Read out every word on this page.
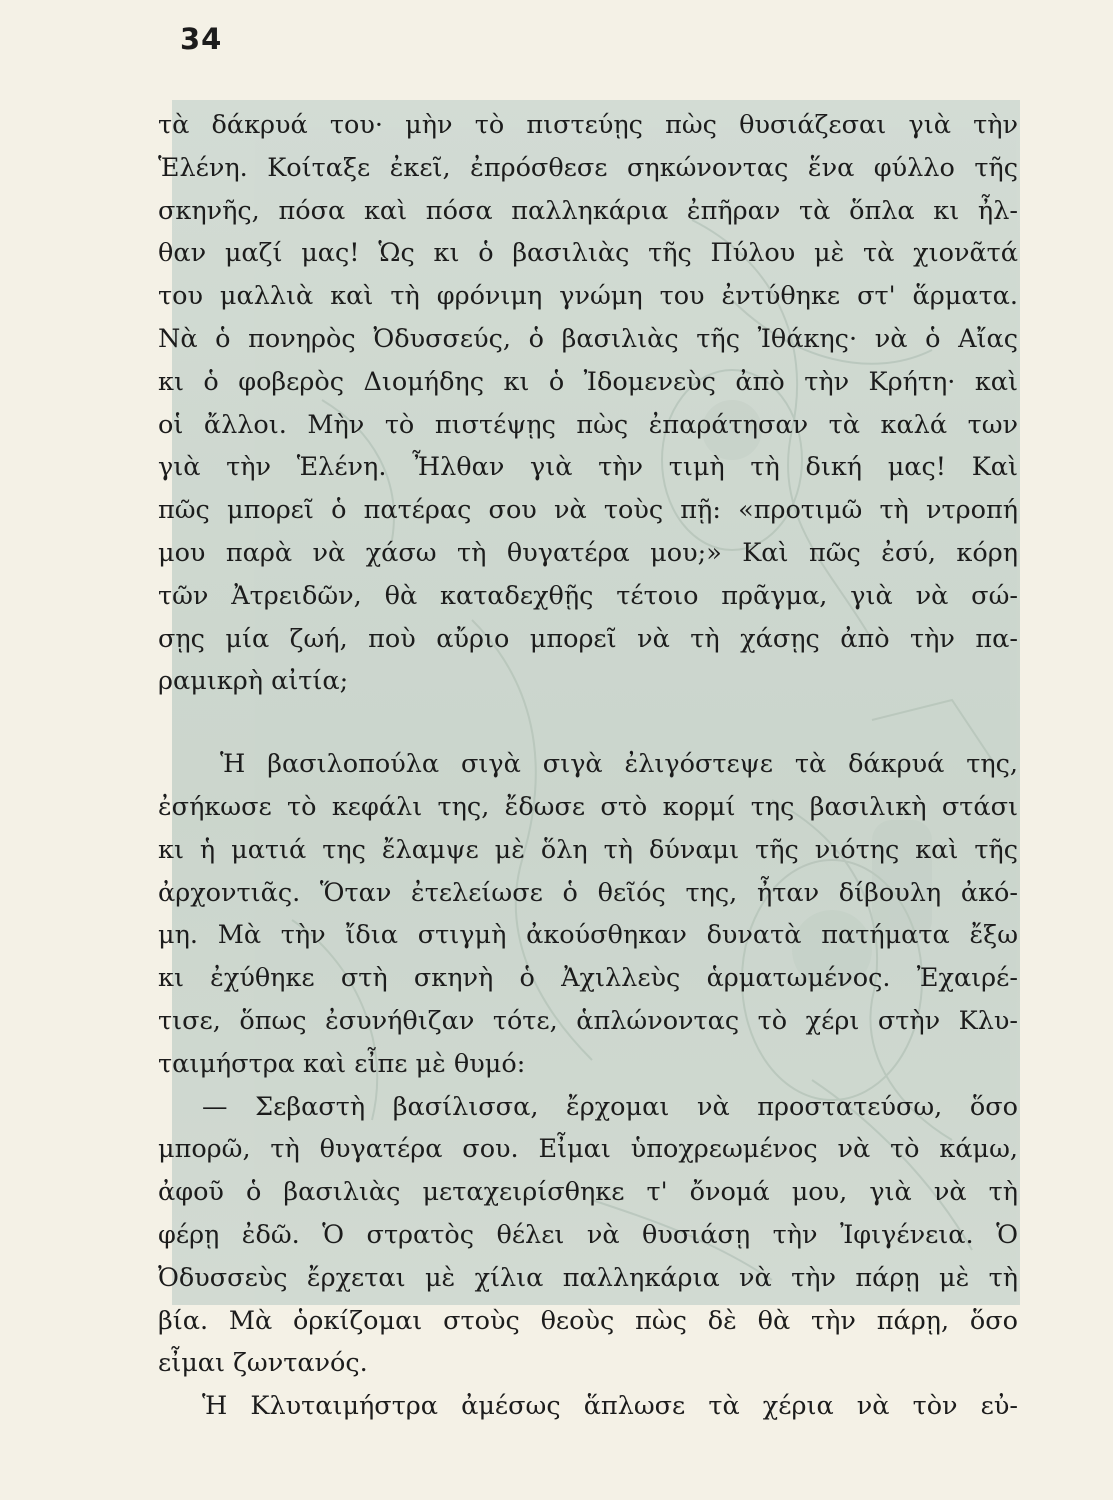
34
τὰ δάκρυά του· μὴν τὸ πιστεύῃς πὼς θυσιάζεσαι γιὰ τὴν
Ἑλένη. Κοίταξε ἐκεῖ, ἐπρόσθεσε σηκώνοντας ἕνα φύλλο τῆς
σκηνῆς, πόσα καὶ πόσα παλληκάρια ἐπῆραν τὰ ὅπλα κι ἦλ-
θαν μαζί μας! Ὡς κι ὁ βασιλιὰς τῆς Πύλου μὲ τὰ χιονᾶτά
του μαλλιὰ καὶ τὴ φρόνιμη γνώμη του ἐντύθηκε στ' ἅρματα.
Νὰ ὁ πονηρὸς Ὀδυσσεύς, ὁ βασιλιὰς τῆς Ἰθάκης· νὰ ὁ Αἴας
κι ὁ φοβερὸς Διομήδης κι ὁ Ἰδομενεὺς ἀπὸ τὴν Κρήτη· καὶ
οἱ ἄλλοι. Μὴν τὸ πιστέψῃς πὼς ἐπαράτησαν τὰ καλά των
γιὰ τὴν Ἑλένη. Ἦλθαν γιὰ τὴν τιμὴ τὴ δική μας! Καὶ
πῶς μπορεῖ ὁ πατέρας σου νὰ τοὺς πῇ: «προτιμῶ τὴ ντροπή
μου παρὰ νὰ χάσω τὴ θυγατέρα μου;» Καὶ πῶς ἐσύ, κόρη
τῶν Ἀτρειδῶν, θὰ καταδεχθῇς τέτοιο πρᾶγμα, γιὰ νὰ σώ-
σῃς μία ζωή, ποὺ αὔριο μπορεῖ νὰ τὴ χάσῃς ἀπὸ τὴν πα-
ραμικρὴ αἰτία;
Ἡ βασιλοπούλα σιγὰ σιγὰ ἐλιγόστεψε τὰ δάκρυά της,
ἐσήκωσε τὸ κεφάλι της, ἔδωσε στὸ κορμί της βασιλικὴ στάσι
κι ἡ ματιά της ἔλαμψε μὲ ὅλη τὴ δύναμι τῆς νιότης καὶ τῆς
ἀρχοντιᾶς. Ὅταν ἐτελείωσε ὁ θεῖός της, ἦταν δίβουλη ἀκό-
μη. Μὰ τὴν ἴδια στιγμὴ ἀκούσθηκαν δυνατὰ πατήματα ἔξω
κι ἐχύθηκε στὴ σκηνὴ ὁ Ἀχιλλεὺς ἁρματωμένος. Ἐχαιρέ-
τισε, ὅπως ἐσυνήθιζαν τότε, ἁπλώνοντας τὸ χέρι στὴν Κλυ-
ταιμήστρα καὶ εἶπε μὲ θυμό:
— Σεβαστὴ βασίλισσα, ἔρχομαι νὰ προστατεύσω, ὅσο
μπορῶ, τὴ θυγατέρα σου. Εἶμαι ὑποχρεωμένος νὰ τὸ κάμω,
ἀφοῦ ὁ βασιλιὰς μεταχειρίσθηκε τ' ὄνομά μου, γιὰ νὰ τὴ
φέρῃ ἐδῶ. Ὁ στρατὸς θέλει νὰ θυσιάσῃ τὴν Ἰφιγένεια. Ὁ
Ὀδυσσεὺς ἔρχεται μὲ χίλια παλληκάρια νὰ τὴν πάρῃ μὲ τὴ
βία. Μὰ ὁρκίζομαι στοὺς θεοὺς πὼς δὲ θὰ τὴν πάρῃ, ὅσο
εἶμαι ζωντανός.
Ἡ Κλυταιμήστρα ἀμέσως ἅπλωσε τὰ χέρια νὰ τὸν εὐ-
